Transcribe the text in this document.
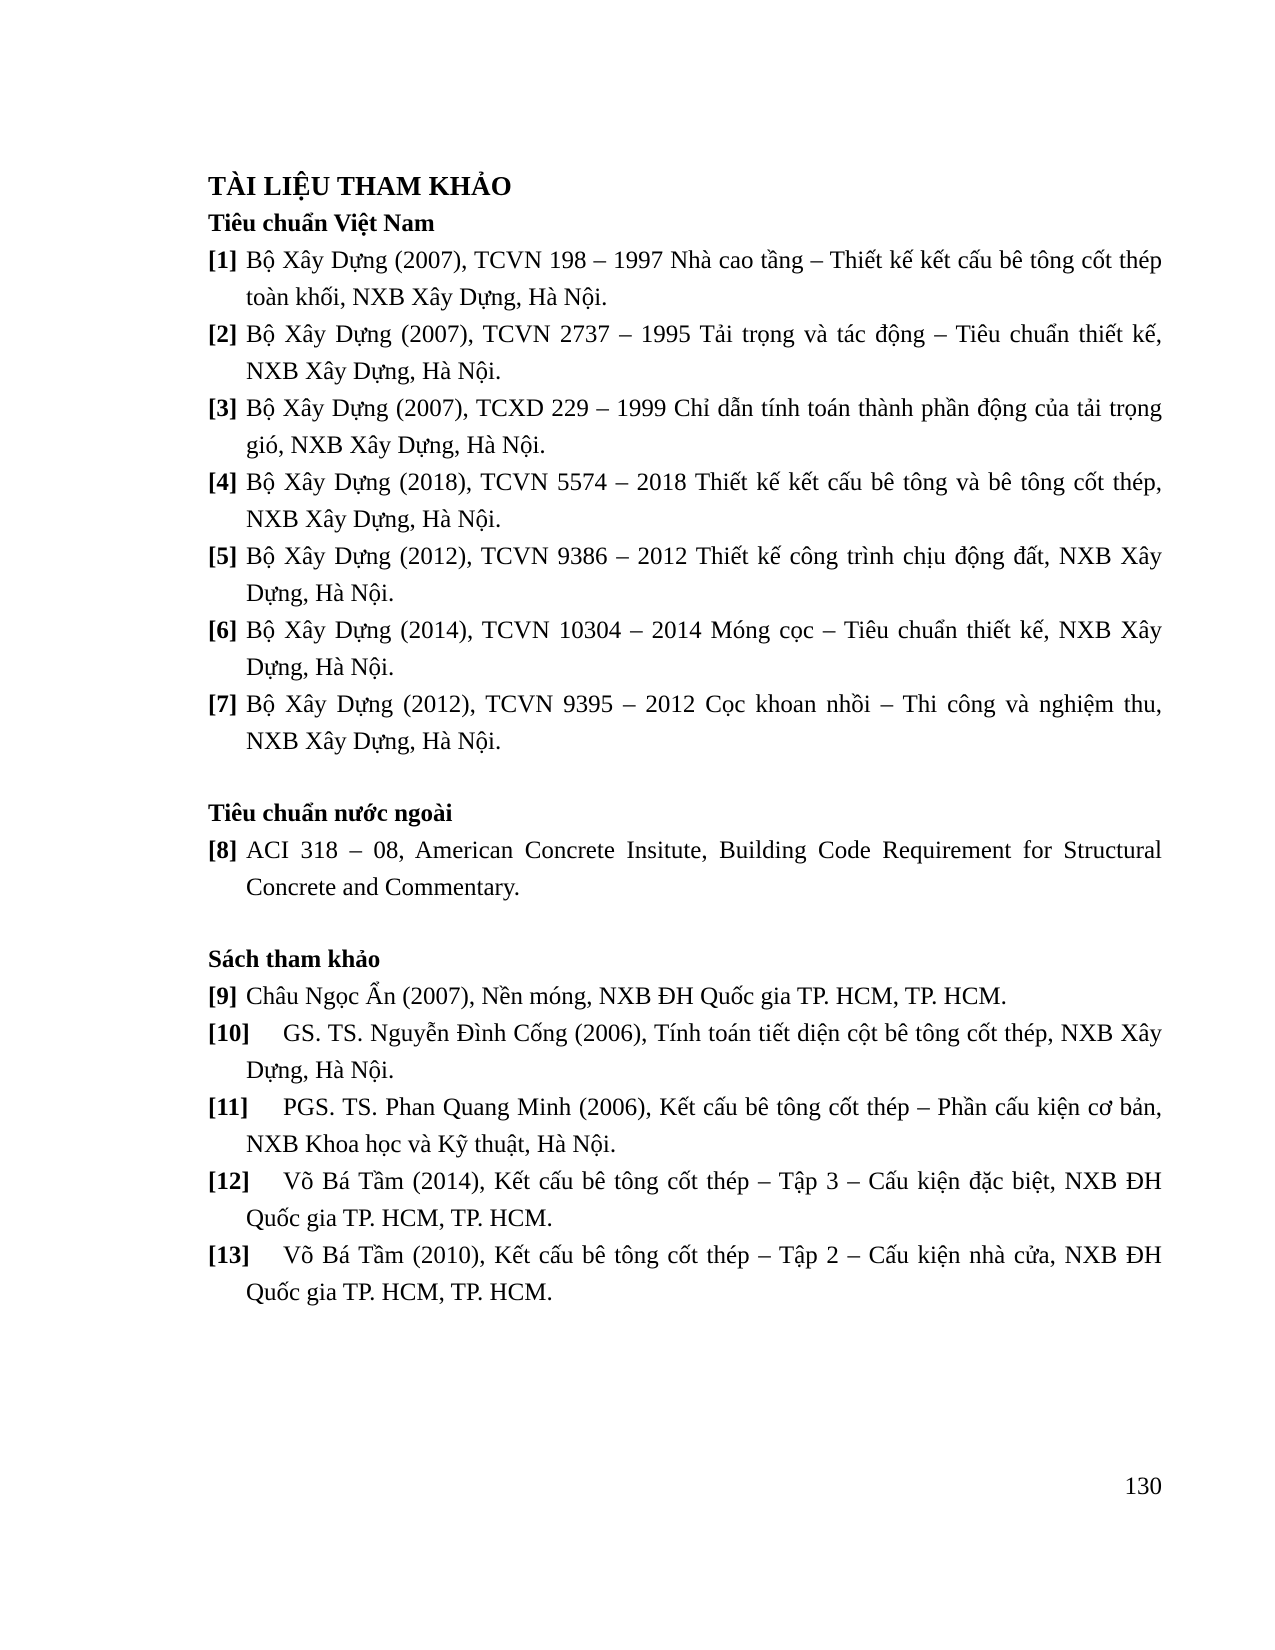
TÀI LIỆU THAM KHẢO
Tiêu chuẩn Việt Nam
[1] Bộ Xây Dựng (2007), TCVN 198 – 1997 Nhà cao tầng – Thiết kế kết cấu bê tông cốt thép toàn khối, NXB Xây Dựng, Hà Nội.
[2] Bộ Xây Dựng (2007), TCVN 2737 – 1995 Tải trọng và tác động – Tiêu chuẩn thiết kế, NXB Xây Dựng, Hà Nội.
[3] Bộ Xây Dựng (2007), TCXD 229 – 1999 Chỉ dẫn tính toán thành phần động của tải trọng gió, NXB Xây Dựng, Hà Nội.
[4] Bộ Xây Dựng (2018), TCVN 5574 – 2018 Thiết kế kết cấu bê tông và bê tông cốt thép, NXB Xây Dựng, Hà Nội.
[5] Bộ Xây Dựng (2012), TCVN 9386 – 2012 Thiết kế công trình chịu động đất, NXB Xây Dựng, Hà Nội.
[6] Bộ Xây Dựng (2014), TCVN 10304 – 2014 Móng cọc – Tiêu chuẩn thiết kế, NXB Xây Dựng, Hà Nội.
[7] Bộ Xây Dựng (2012), TCVN 9395 – 2012 Cọc khoan nhồi – Thi công và nghiệm thu, NXB Xây Dựng, Hà Nội.
Tiêu chuẩn nước ngoài
[8] ACI 318 – 08, American Concrete Insitute, Building Code Requirement for Structural Concrete and Commentary.
Sách tham khảo
[9] Châu Ngọc Ẩn (2007), Nền móng, NXB ĐH Quốc gia TP. HCM, TP. HCM.
[10] GS. TS. Nguyễn Đình Cống (2006), Tính toán tiết diện cột bê tông cốt thép, NXB Xây Dựng, Hà Nội.
[11] PGS. TS. Phan Quang Minh (2006), Kết cấu bê tông cốt thép – Phần cấu kiện cơ bản, NXB Khoa học và Kỹ thuật, Hà Nội.
[12] Võ Bá Tầm (2014), Kết cấu bê tông cốt thép – Tập 3 – Cấu kiện đặc biệt, NXB ĐH Quốc gia TP. HCM, TP. HCM.
[13] Võ Bá Tầm (2010), Kết cấu bê tông cốt thép – Tập 2 – Cấu kiện nhà cửa, NXB ĐH Quốc gia TP. HCM, TP. HCM.
130
